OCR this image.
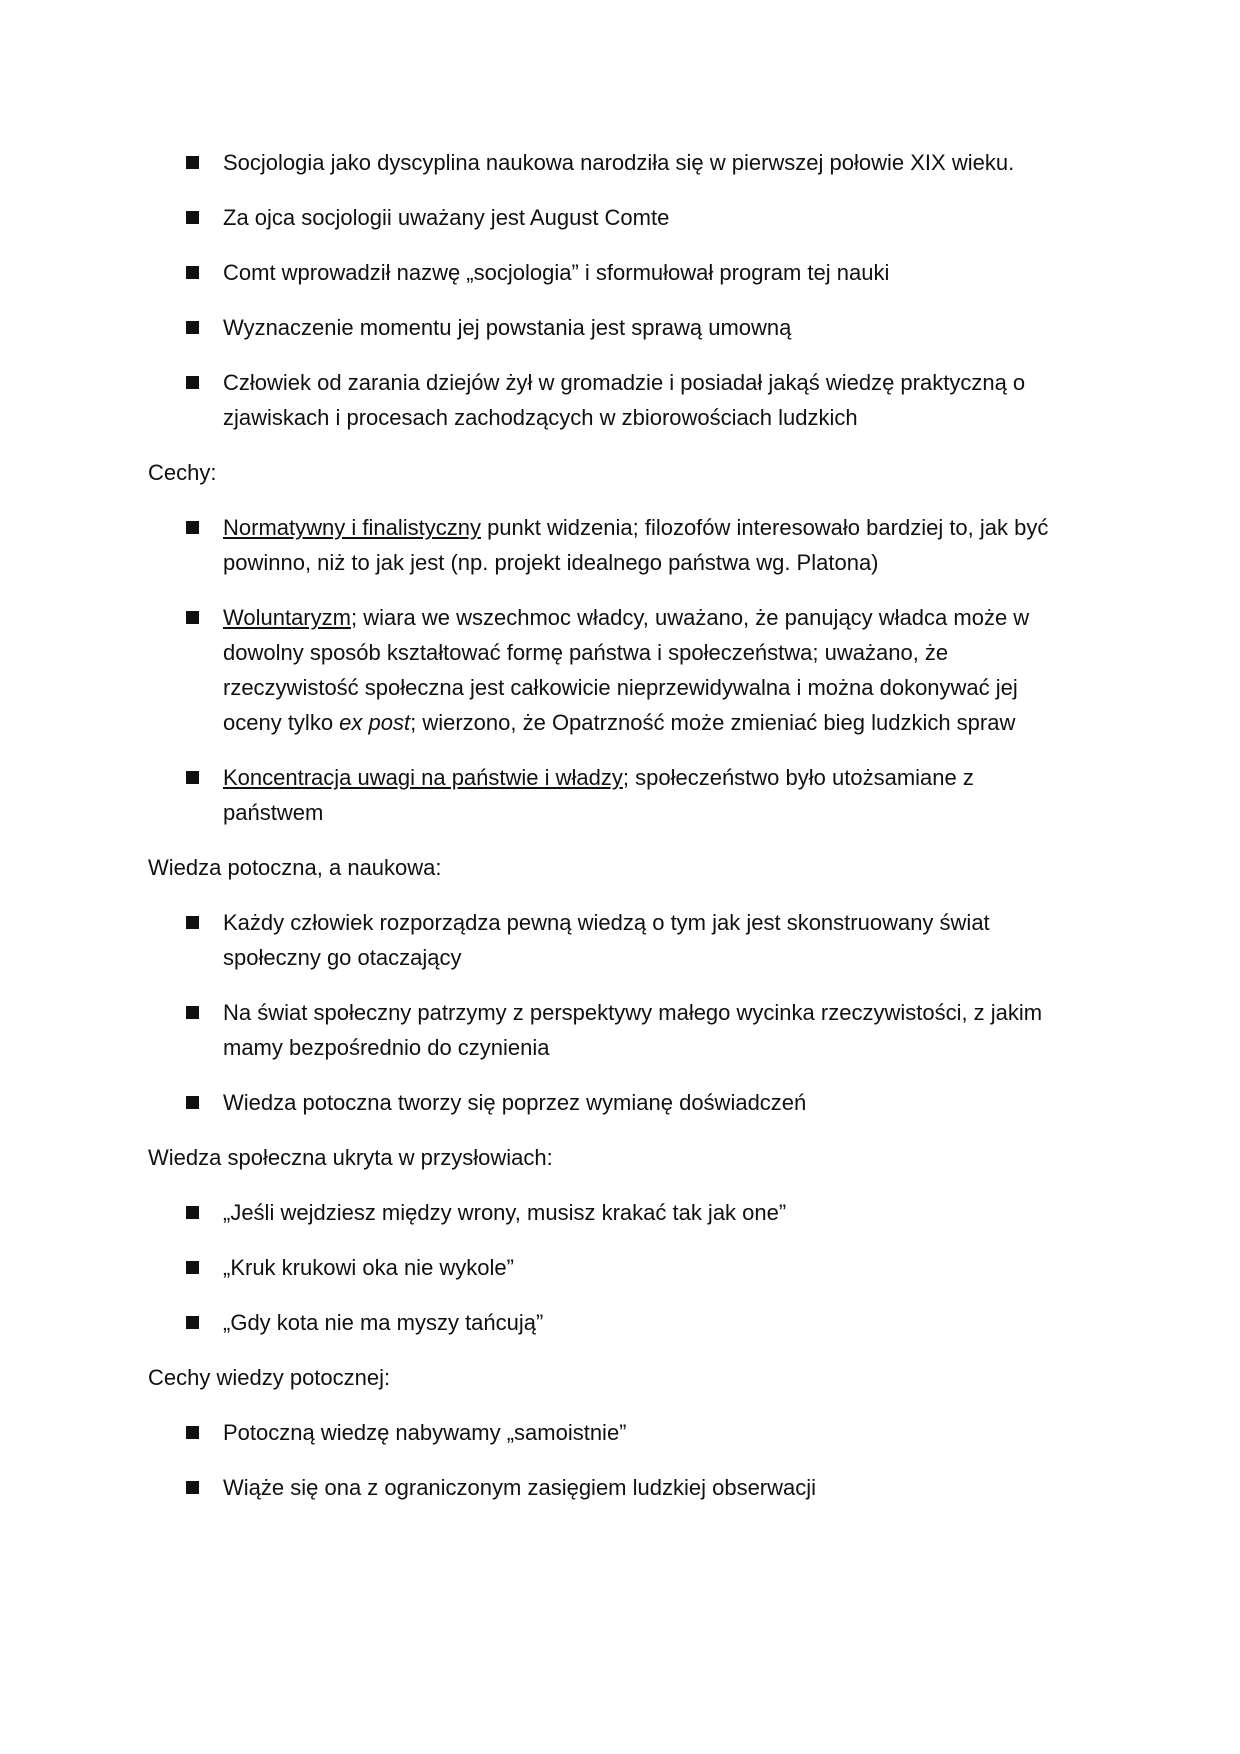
Socjologia jako dyscyplina naukowa narodziła się w pierwszej połowie XIX wieku.
Za ojca socjologii uważany jest August Comte
Comt wprowadził nazwę „socjologia” i sformułował program tej nauki
Wyznaczenie momentu jej powstania jest sprawą umowną
Człowiek od zarania dziejów żył w gromadzie i posiadał jakąś wiedzę praktyczną o zjawiskach i procesach zachodzących w zbiorowościach ludzkich
Cechy:
Normatywny i finalistyczny punkt widzenia; filozofów interesowało bardziej to, jak być powinno, niż to jak jest (np. projekt idealnego państwa wg. Platona)
Woluntaryzm; wiara we wszechmoc władcy, uważano, że panujący władca może w dowolny sposób kształtować formę państwa i społeczeństwa; uważano, że rzeczywistość społeczna jest całkowicie nieprzewidywalna i można dokonywać jej oceny tylko ex post; wierzono, że Opatrzność może zmieniać bieg ludzkich spraw
Koncentracja uwagi na państwie i władzy; społeczeństwo było utożsamiane z państwem
Wiedza potoczna, a naukowa:
Każdy człowiek rozporządza pewną wiedzą o tym jak jest skonstruowany świat społeczny go otaczający
Na świat społeczny patrzymy z perspektywy małego wycinka rzeczywistości, z jakim mamy bezpośrednio do czynienia
Wiedza potoczna tworzy się poprzez wymianę doświadczeń
Wiedza społeczna ukryta w przysłowiach:
„Jeśli wejdziesz między wrony, musisz krakać tak jak one”
„Kruk krukowi oka nie wykole”
„Gdy kota nie ma myszy tańcują”
Cechy wiedzy potocznej:
Potoczną wiedzę nabywamy „samoistnie”
Wiąże się ona z ograniczonym zasięgiem ludzkiej obserwacji
